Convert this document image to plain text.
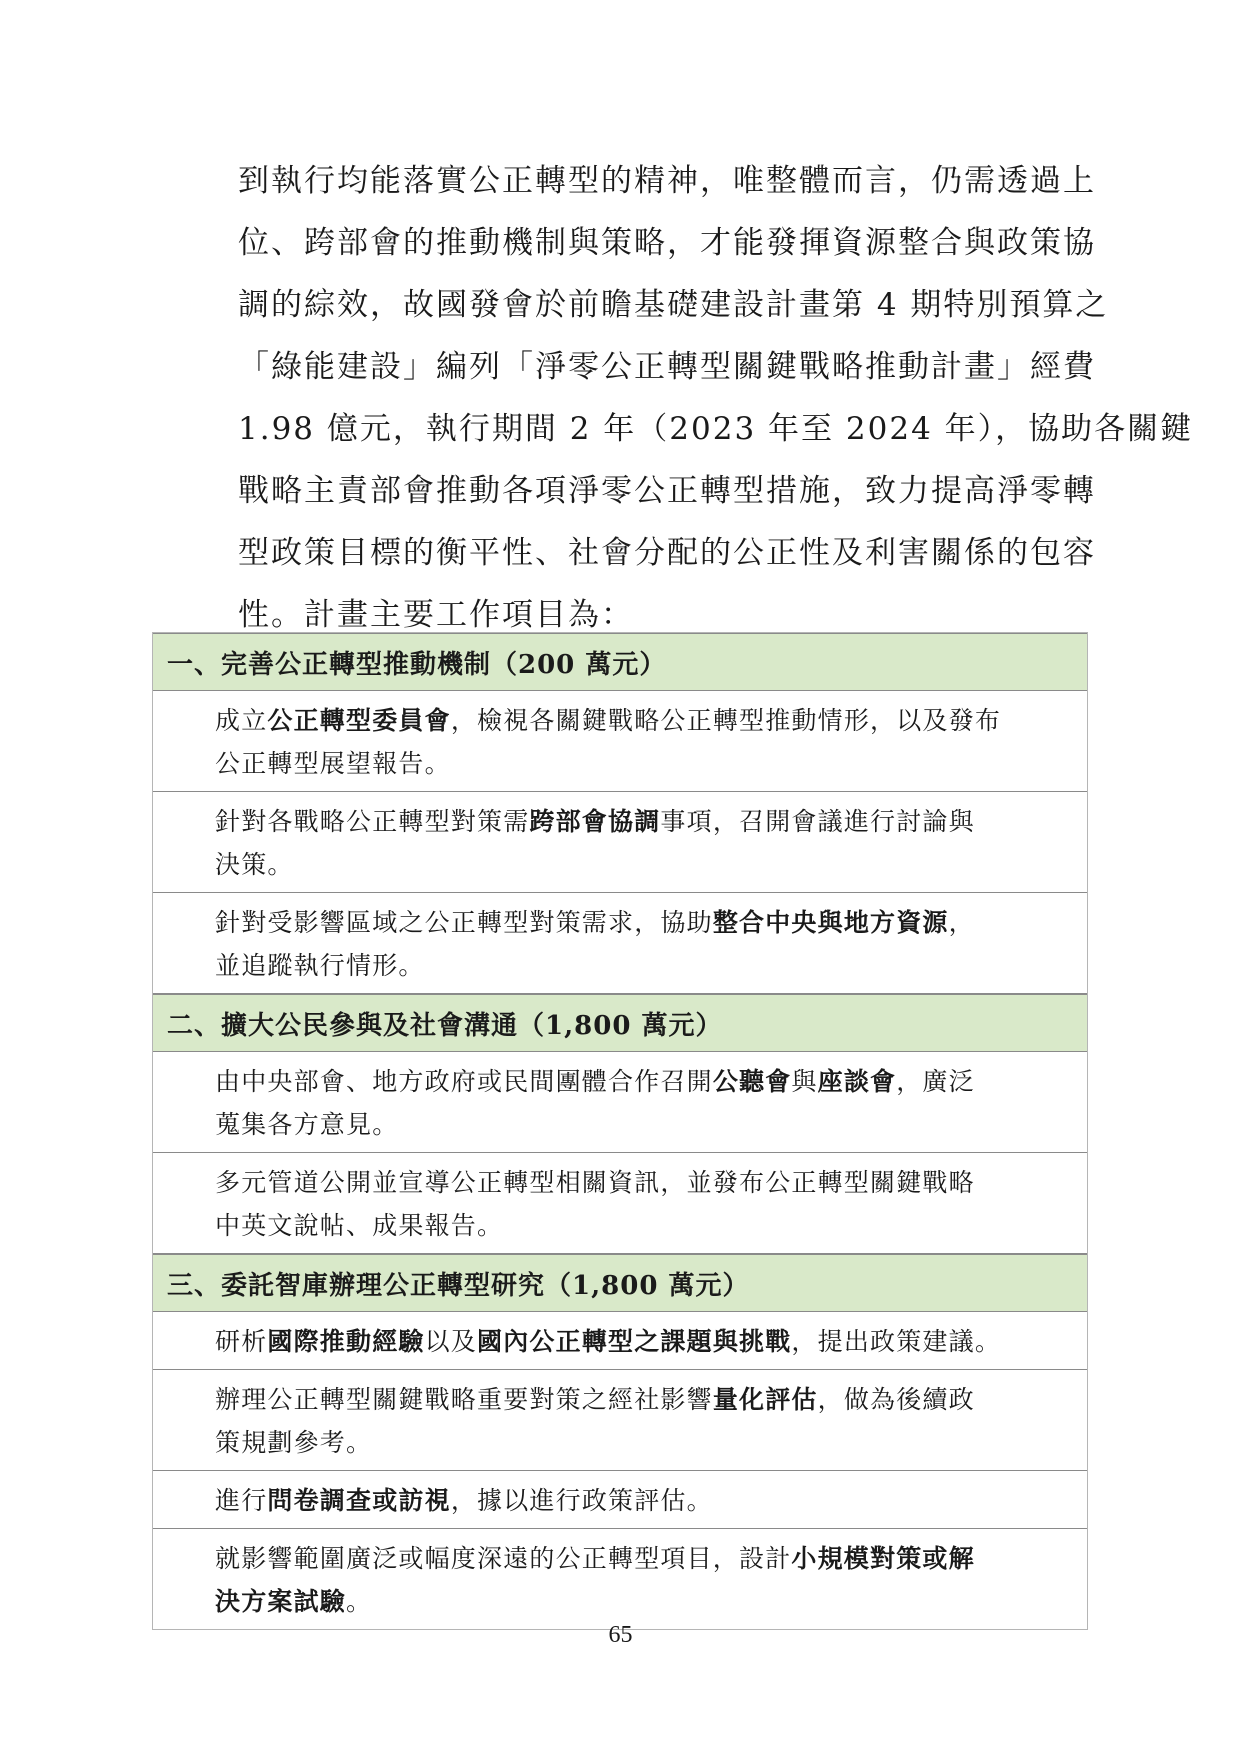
到執行均能落實公正轉型的精神，唯整體而言，仍需透過上
位、跨部會的推動機制與策略，才能發揮資源整合與政策協
調的綜效，故國發會於前瞻基礎建設計畫第 4 期特別預算之
「綠能建設」編列「淨零公正轉型關鍵戰略推動計畫」經費
1.98 億元，執行期間 2 年（2023 年至 2024 年），協助各關鍵
戰略主責部會推動各項淨零公正轉型措施，致力提高淨零轉
型政策目標的衡平性、社會分配的公正性及利害關係的包容
性。計畫主要工作項目為：
一、完善公正轉型推動機制（200 萬元）
成立公正轉型委員會，檢視各關鍵戰略公正轉型推動情形，以及發布
公正轉型展望報告。
針對各戰略公正轉型對策需跨部會協調事項，召開會議進行討論與
決策。
針對受影響區域之公正轉型對策需求，協助整合中央與地方資源，
並追蹤執行情形。
二、擴大公民參與及社會溝通（1,800 萬元）
由中央部會、地方政府或民間團體合作召開公聽會與座談會，廣泛
蒐集各方意見。
多元管道公開並宣導公正轉型相關資訊，並發布公正轉型關鍵戰略
中英文說帖、成果報告。
三、委託智庫辦理公正轉型研究（1,800 萬元）
研析國際推動經驗以及國內公正轉型之課題與挑戰，提出政策建議。
辦理公正轉型關鍵戰略重要對策之經社影響量化評估，做為後續政
策規劃參考。
進行問卷調查或訪視，據以進行政策評估。
就影響範圍廣泛或幅度深遠的公正轉型項目，設計小規模對策或解
決方案試驗。
65
